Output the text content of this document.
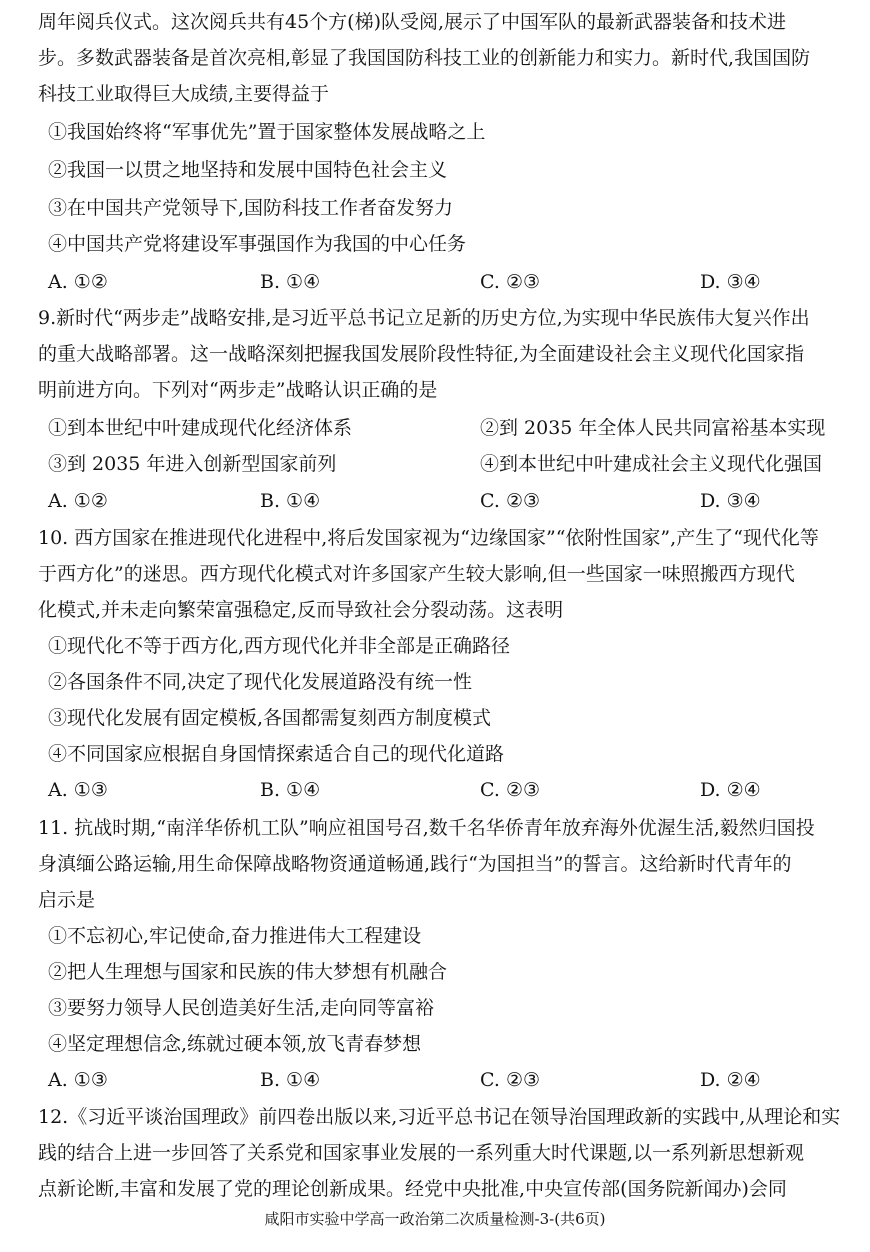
周年阅兵仪式。这次阅兵共有45个方(梯)队受阅,展示了中国军队的最新武器装备和技术进
步。多数武器装备是首次亮相,彰显了我国国防科技工业的创新能力和实力。新时代,我国国防
科技工业取得巨大成绩,主要得益于
①我国始终将“军事优先”置于国家整体发展战略之上
②我国一以贯之地坚持和发展中国特色社会主义
③在中国共产党领导下,国防科技工作者奋发努力
④中国共产党将建设军事强国作为我国的中心任务
A. ①②	B. ①④	C. ②③	D. ③④
9.新时代“两步走”战略安排,是习近平总书记立足新的历史方位,为实现中华民族伟大复兴作出
的重大战略部署。这一战略深刻把握我国发展阶段性特征,为全面建设社会主义现代化国家指
明前进方向。下列对“两步走”战略认识正确的是
①到本世纪中叶建成现代化经济体系	②到 2035 年全体人民共同富裕基本实现
③到 2035 年进入创新型国家前列	④到本世纪中叶建成社会主义现代化强国
A. ①②	B. ①④	C. ②③	D. ③④
10. 西方国家在推进现代化进程中,将后发国家视为“边缘国家”“依附性国家”,产生了“现代化等
于西方化”的迷思。西方现代化模式对许多国家产生较大影响,但一些国家一味照搬西方现代
化模式,并未走向繁荣富强稳定,反而导致社会分裂动荡。这表明
①现代化不等于西方化,西方现代化并非全部是正确路径
②各国条件不同,决定了现代化发展道路没有统一性
③现代化发展有固定模板,各国都需复刻西方制度模式
④不同国家应根据自身国情探索适合自己的现代化道路
A. ①③	B. ①④	C. ②③	D. ②④
11. 抗战时期,“南洋华侨机工队”响应祖国号召,数千名华侨青年放弃海外优渥生活,毅然归国投
身滇缅公路运输,用生命保障战略物资通道畅通,践行“为国担当”的誓言。这给新时代青年的
启示是
①不忘初心,牢记使命,奋力推进伟大工程建设
②把人生理想与国家和民族的伟大梦想有机融合
③要努力领导人民创造美好生活,走向同等富裕
④坚定理想信念,练就过硬本领,放飞青春梦想
A. ①③	B. ①④	C. ②③	D. ②④
12.《习近平谈治国理政》前四卷出版以来,习近平总书记在领导治国理政新的实践中,从理论和实
践的结合上进一步回答了关系党和国家事业发展的一系列重大时代课题,以一系列新思想新观
点新论断,丰富和发展了党的理论创新成果。经党中央批准,中央宣传部(国务院新闻办)会同
咸阳市实验中学高一政治第二次质量检测-3-(共6页)
